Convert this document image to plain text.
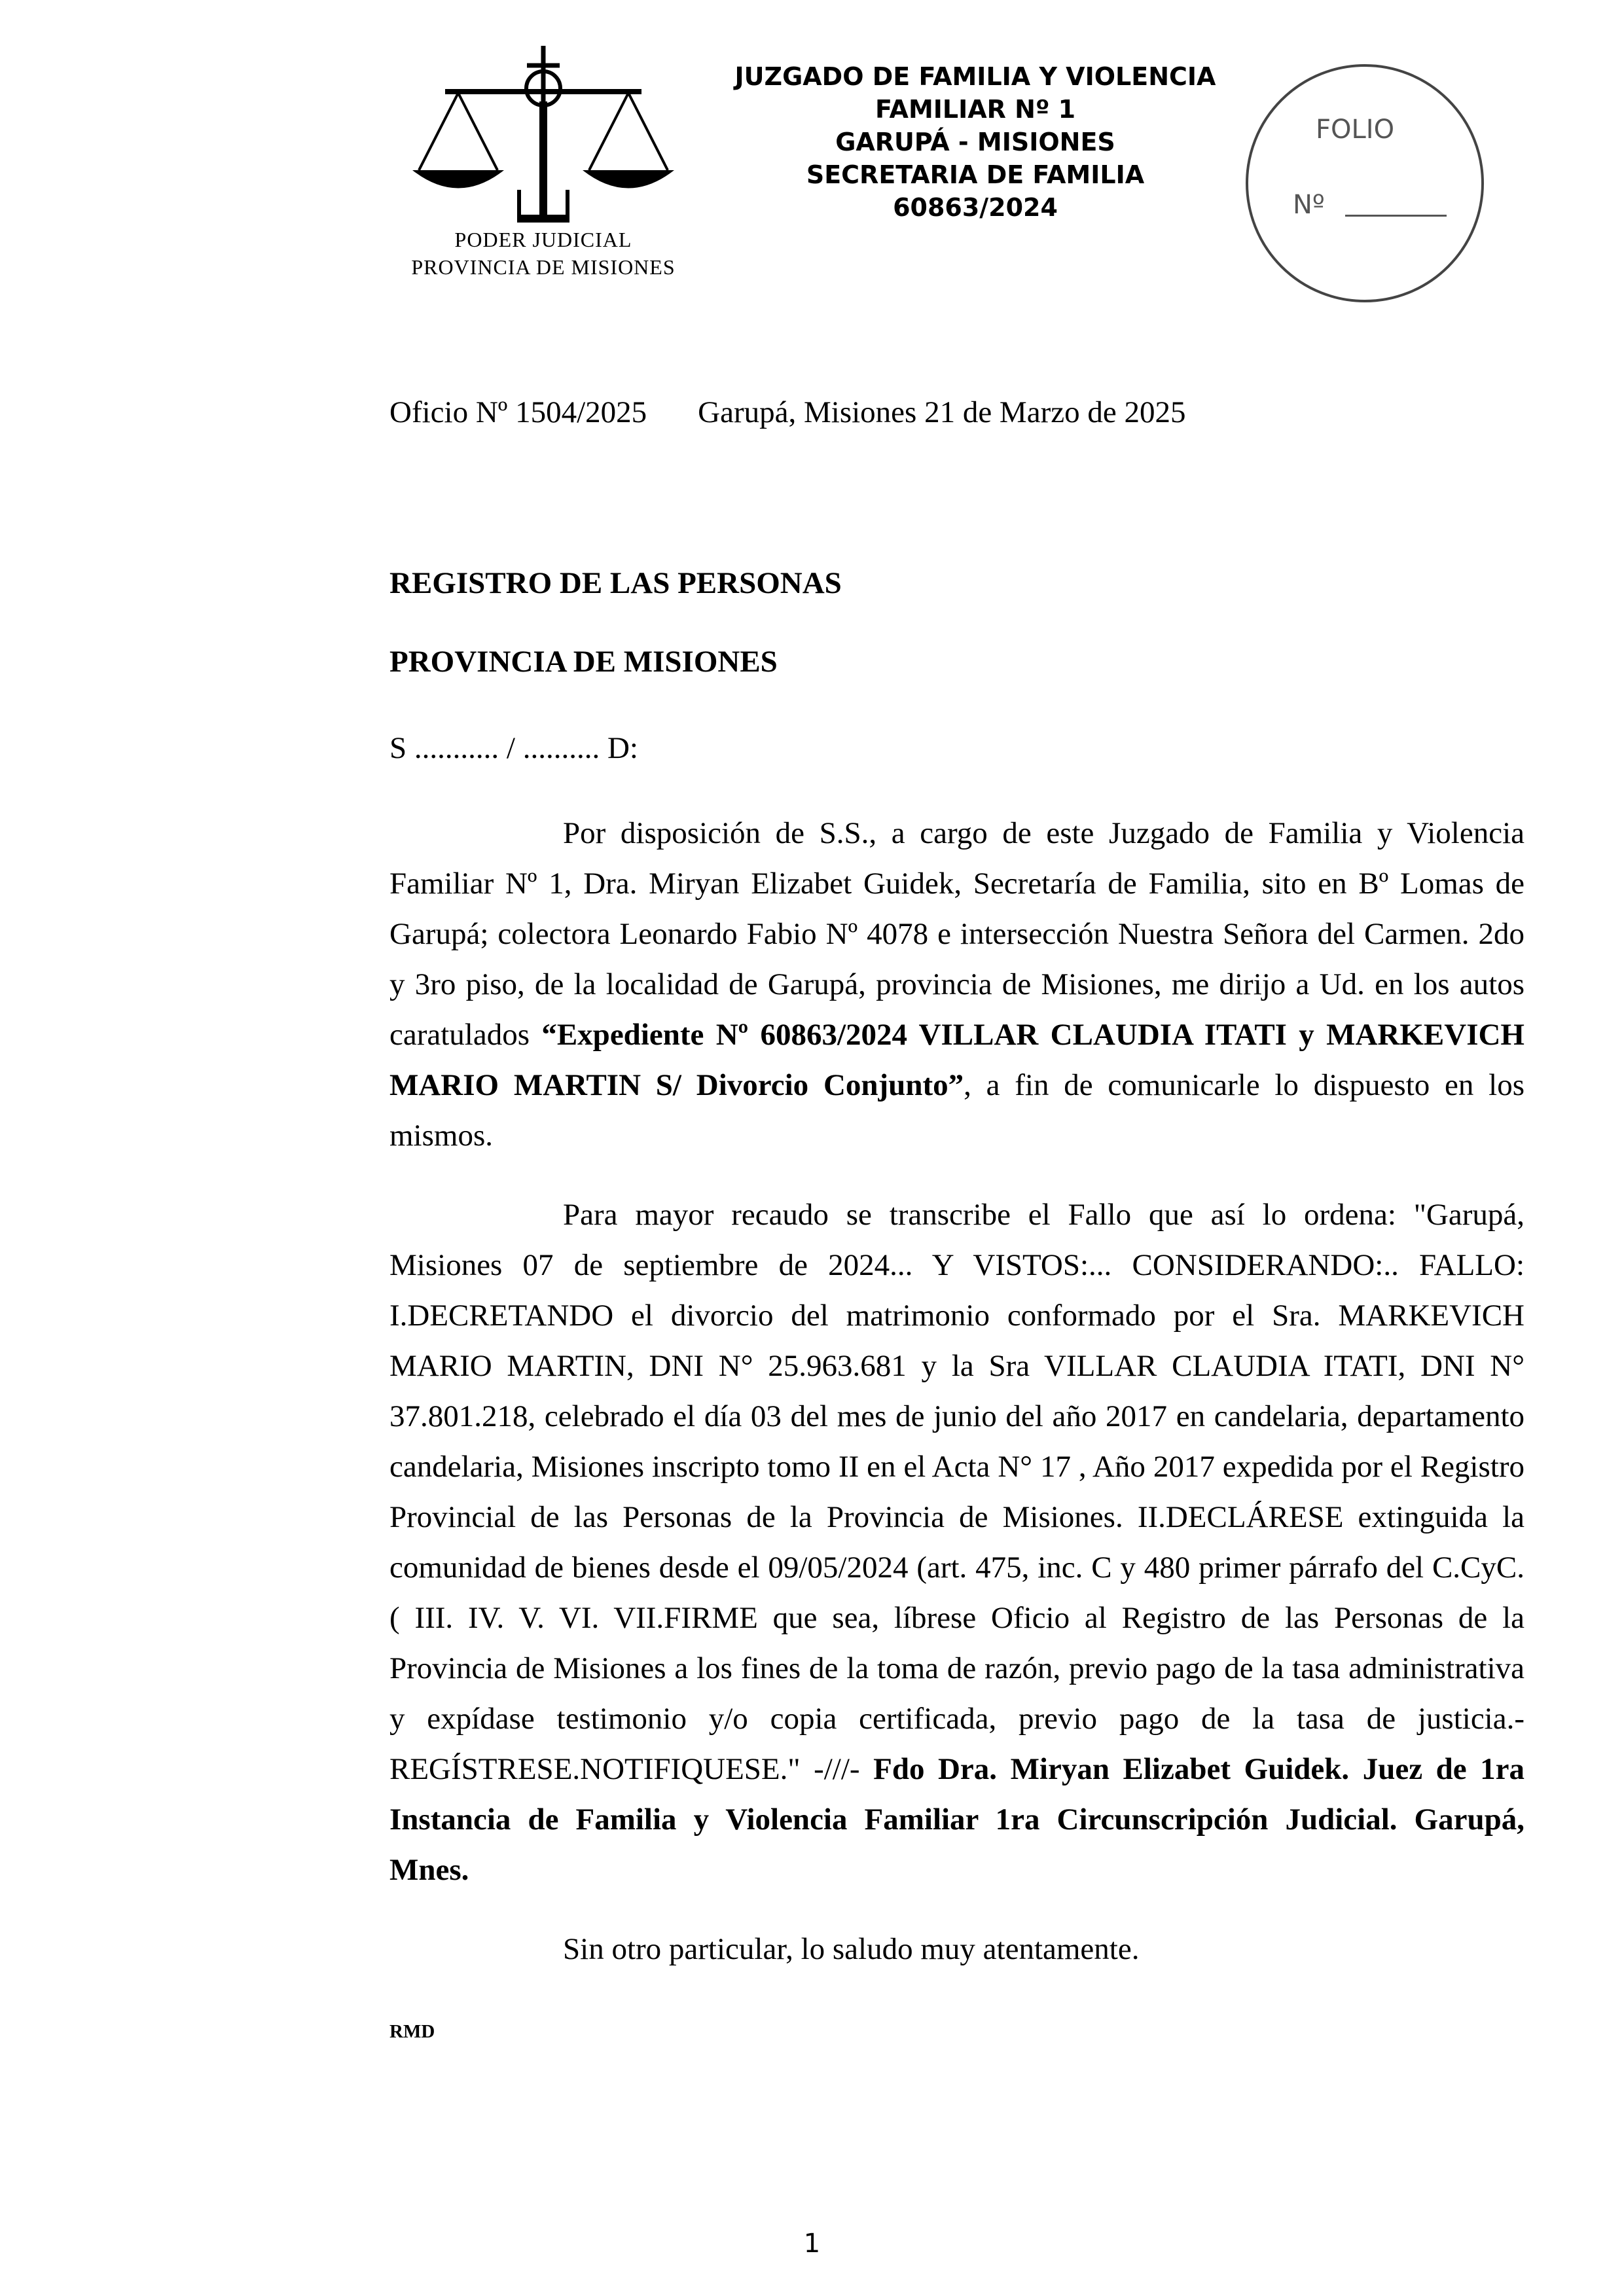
PODER JUDICIAL
PROVINCIA DE MISIONES
JUZGADO DE FAMILIA Y VIOLENCIA
FAMILIAR Nº 1
GARUPÁ - MISIONES
SECRETARIA DE FAMILIA
60863/2024
FOLIO
Nº
Oficio Nº 1504/2025 Garupá, Misiones 21 de Marzo de 2025
REGISTRO DE LAS PERSONAS
PROVINCIA DE MISIONES
S ........... / .......... D:
Por disposición de S.S., a cargo de este Juzgado de Familia y Violencia Familiar Nº 1, Dra. Miryan Elizabet Guidek, Secretaría de Familia, sito en Bº Lomas de Garupá; colectora Leonardo Fabio Nº 4078 e intersección Nuestra Señora del Carmen. 2do y 3ro piso, de la localidad de Garupá, provincia de Misiones, me dirijo a Ud. en los autos caratulados “Expediente Nº 60863/2024 VILLAR CLAUDIA ITATI y MARKEVICH MARIO MARTIN S/ Divorcio Conjunto”, a fin de comunicarle lo dispuesto en los mismos.
Para mayor recaudo se transcribe el Fallo que así lo ordena: "Garupá, Misiones 07 de septiembre de 2024... Y VISTOS:... CONSIDERANDO:.. FALLO: I.DECRETANDO el divorcio del matrimonio conformado por el Sra. MARKEVICH MARIO MARTIN, DNI N° 25.963.681 y la Sra VILLAR CLAUDIA ITATI, DNI N° 37.801.218, celebrado el día 03 del mes de junio del año 2017 en candelaria, departamento candelaria, Misiones inscripto tomo II en el Acta N° 17 , Año 2017 expedida por el Registro Provincial de las Personas de la Provincia de Misiones. II.DECLÁRESE extinguida la comunidad de bienes desde el 09/05/2024 (art. 475, inc. C y 480 primer párrafo del C.CyC. ( III. IV. V. VI. VII.FIRME que sea, líbrese Oficio al Registro de las Personas de la Provincia de Misiones a los fines de la toma de razón, previo pago de la tasa administrativa y expídase testimonio y/o copia certificada, previo pago de la tasa de justicia.-REGÍSTRESE.NOTIFIQUESE." -///- Fdo Dra. Miryan Elizabet Guidek. Juez de 1ra Instancia de Familia y Violencia Familiar 1ra Circunscripción Judicial. Garupá, Mnes.
Sin otro particular, lo saludo muy atentamente.
RMD
1
